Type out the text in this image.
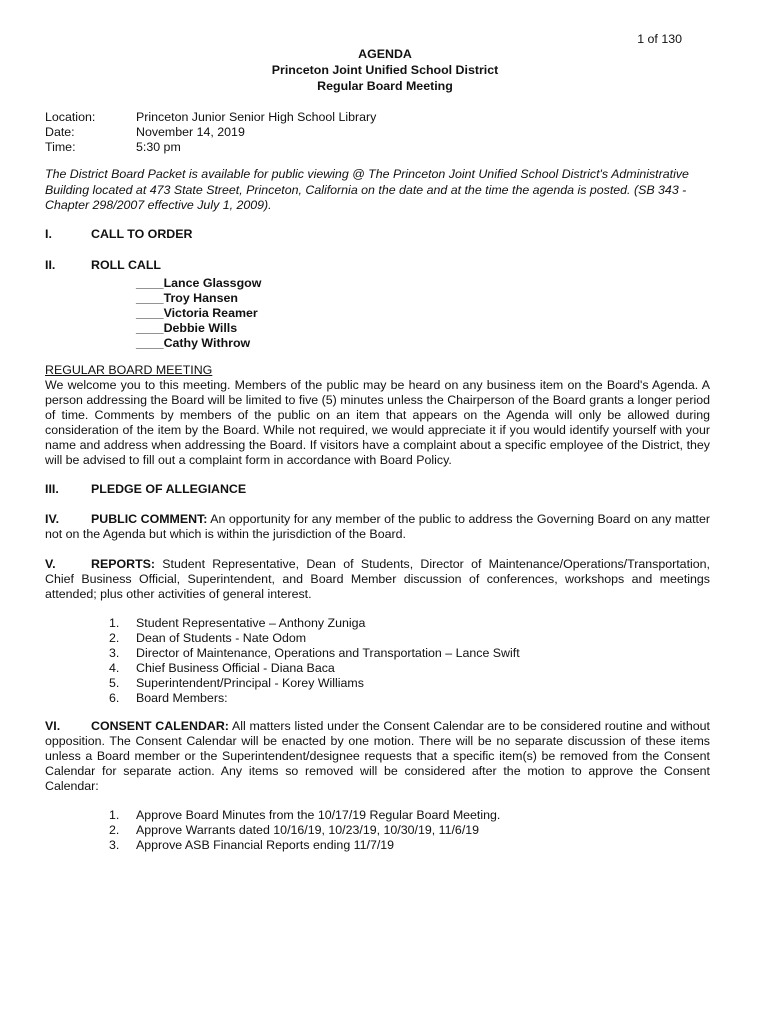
1 of 130
AGENDA
Princeton Joint Unified School District
Regular Board Meeting
Location:	Princeton Junior Senior High School Library
Date:	November 14, 2019
Time:	5:30 pm
The District Board Packet is available for public viewing @ The Princeton Joint Unified School District's Administrative Building located at 473 State Street, Princeton, California on the date and at the time the agenda is posted. (SB 343 - Chapter 298/2007 effective July 1, 2009).
I.	CALL TO ORDER
II.	ROLL CALL
____Lance Glassgow
____Troy Hansen
____Victoria Reamer
____Debbie Wills
____Cathy Withrow
REGULAR BOARD MEETING
We welcome you to this meeting. Members of the public may be heard on any business item on the Board's Agenda. A person addressing the Board will be limited to five (5) minutes unless the Chairperson of the Board grants a longer period of time. Comments by members of the public on an item that appears on the Agenda will only be allowed during consideration of the item by the Board. While not required, we would appreciate it if you would identify yourself with your name and address when addressing the Board. If visitors have a complaint about a specific employee of the District, they will be advised to fill out a complaint form in accordance with Board Policy.
III.	PLEDGE OF ALLEGIANCE
IV.	PUBLIC COMMENT: An opportunity for any member of the public to address the Governing Board on any matter not on the Agenda but which is within the jurisdiction of the Board.
V.	REPORTS: Student Representative, Dean of Students, Director of Maintenance/Operations/Transportation, Chief Business Official, Superintendent, and Board Member discussion of conferences, workshops and meetings attended; plus other activities of general interest.
1.	Student Representative – Anthony Zuniga
2.	Dean of Students - Nate Odom
3.	Director of Maintenance, Operations and Transportation – Lance Swift
4.	Chief Business Official - Diana Baca
5.	Superintendent/Principal - Korey Williams
6.	Board Members:
VI. CONSENT CALENDAR: All matters listed under the Consent Calendar are to be considered routine and without opposition. The Consent Calendar will be enacted by one motion. There will be no separate discussion of these items unless a Board member or the Superintendent/designee requests that a specific item(s) be removed from the Consent Calendar for separate action. Any items so removed will be considered after the motion to approve the Consent Calendar:
1.	Approve Board Minutes from the 10/17/19 Regular Board Meeting.
2.	Approve Warrants dated 10/16/19, 10/23/19, 10/30/19, 11/6/19
3.	Approve ASB Financial Reports ending 11/7/19
